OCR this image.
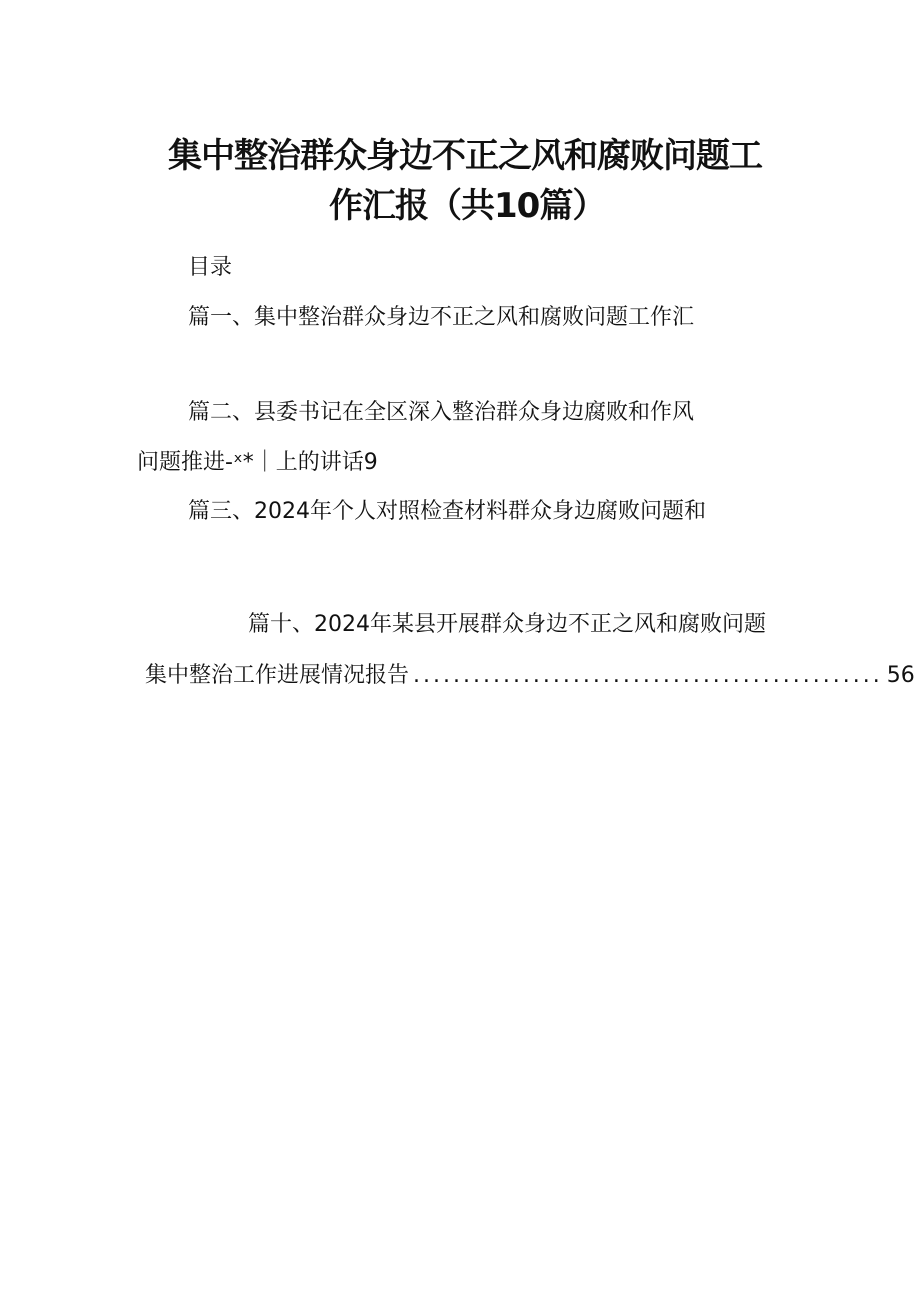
集中整治群众身边不正之风和腐败问题工
作汇报（共10篇）
目录
篇一、集中整治群众身边不正之风和腐败问题工作汇
篇二、县委书记在全区深入整治群众身边腐败和作风
问题推进-ˣ*｜上的讲话9
篇三、2024年个人对照检查材料群众身边腐败问题和
篇十、2024年某县开展群众身边不正之风和腐败问题
集中整治工作进展情况报告 ............................................... 56
